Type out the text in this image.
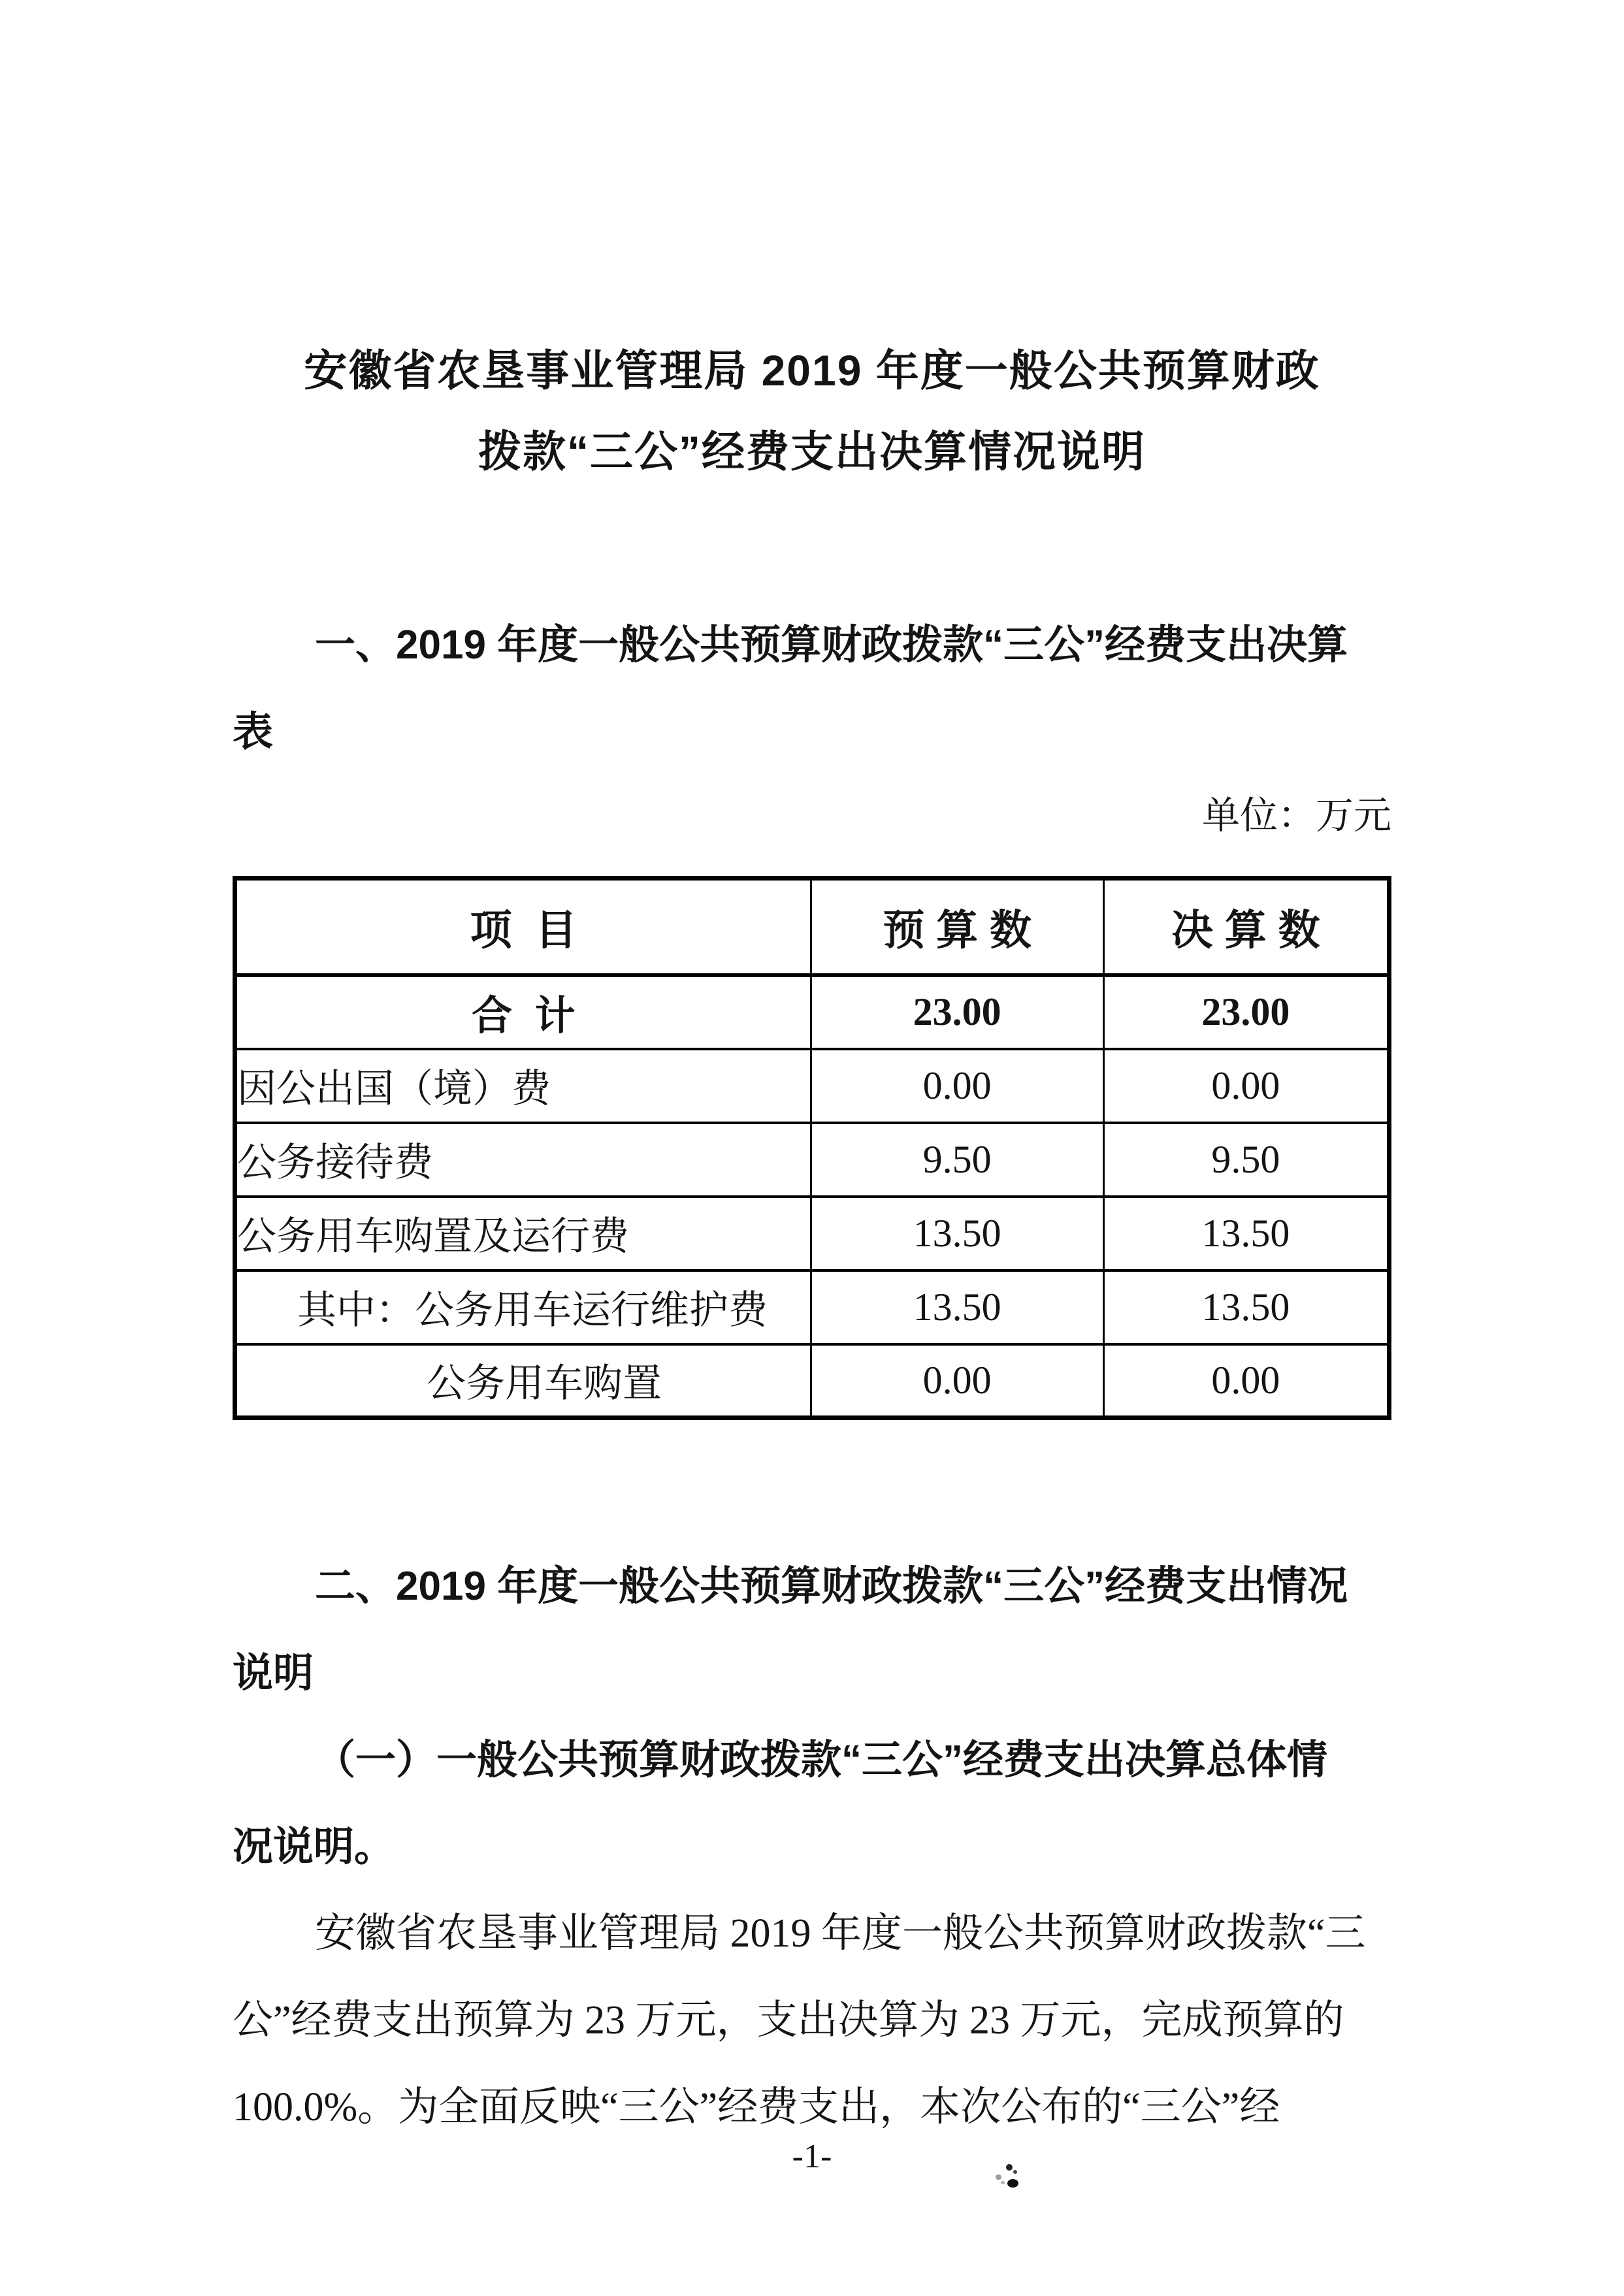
安徽省农垦事业管理局 2019 年度一般公共预算财政
拨款“三公”经费支出决算情况说明
一、2019 年度一般公共预算财政拨款“三公”经费支出决算
表
单位：万元
项  目	预 算 数	决 算 数
合  计	23.00	23.00
因公出国（境）费	0.00	0.00
公务接待费	9.50	9.50
公务用车购置及运行费	13.50	13.50
其中：公务用车运行维护费	13.50	13.50
公务用车购置	0.00	0.00
二、2019 年度一般公共预算财政拨款“三公”经费支出情况
说明
（一）一般公共预算财政拨款“三公”经费支出决算总体情
况说明。
安徽省农垦事业管理局 2019 年度一般公共预算财政拨款“三
公”经费支出预算为 23 万元，支出决算为 23 万元，完成预算的
100.0%。为全面反映“三公”经费支出，本次公布的“三公”经
-1-
